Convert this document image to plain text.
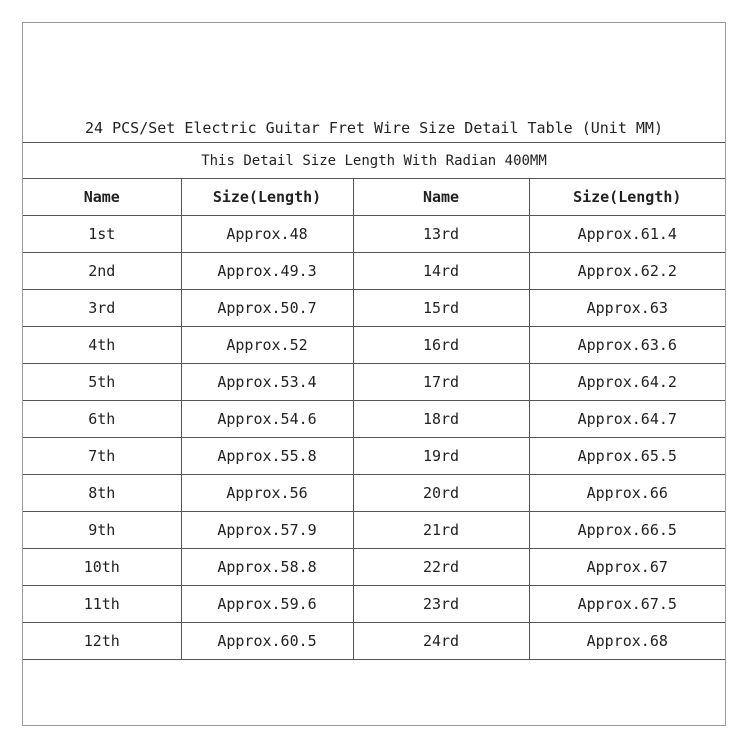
24 PCS/Set Electric Guitar Fret Wire Size Detail Table (Unit MM)
This Detail Size Length With Radian 400MM
Name	Size(Length)	Name	Size(Length)
1st	Approx.48	13rd	Approx.61.4
2nd	Approx.49.3	14rd	Approx.62.2
3rd	Approx.50.7	15rd	Approx.63
4th	Approx.52	16rd	Approx.63.6
5th	Approx.53.4	17rd	Approx.64.2
6th	Approx.54.6	18rd	Approx.64.7
7th	Approx.55.8	19rd	Approx.65.5
8th	Approx.56	20rd	Approx.66
9th	Approx.57.9	21rd	Approx.66.5
10th	Approx.58.8	22rd	Approx.67
11th	Approx.59.6	23rd	Approx.67.5
12th	Approx.60.5	24rd	Approx.68
